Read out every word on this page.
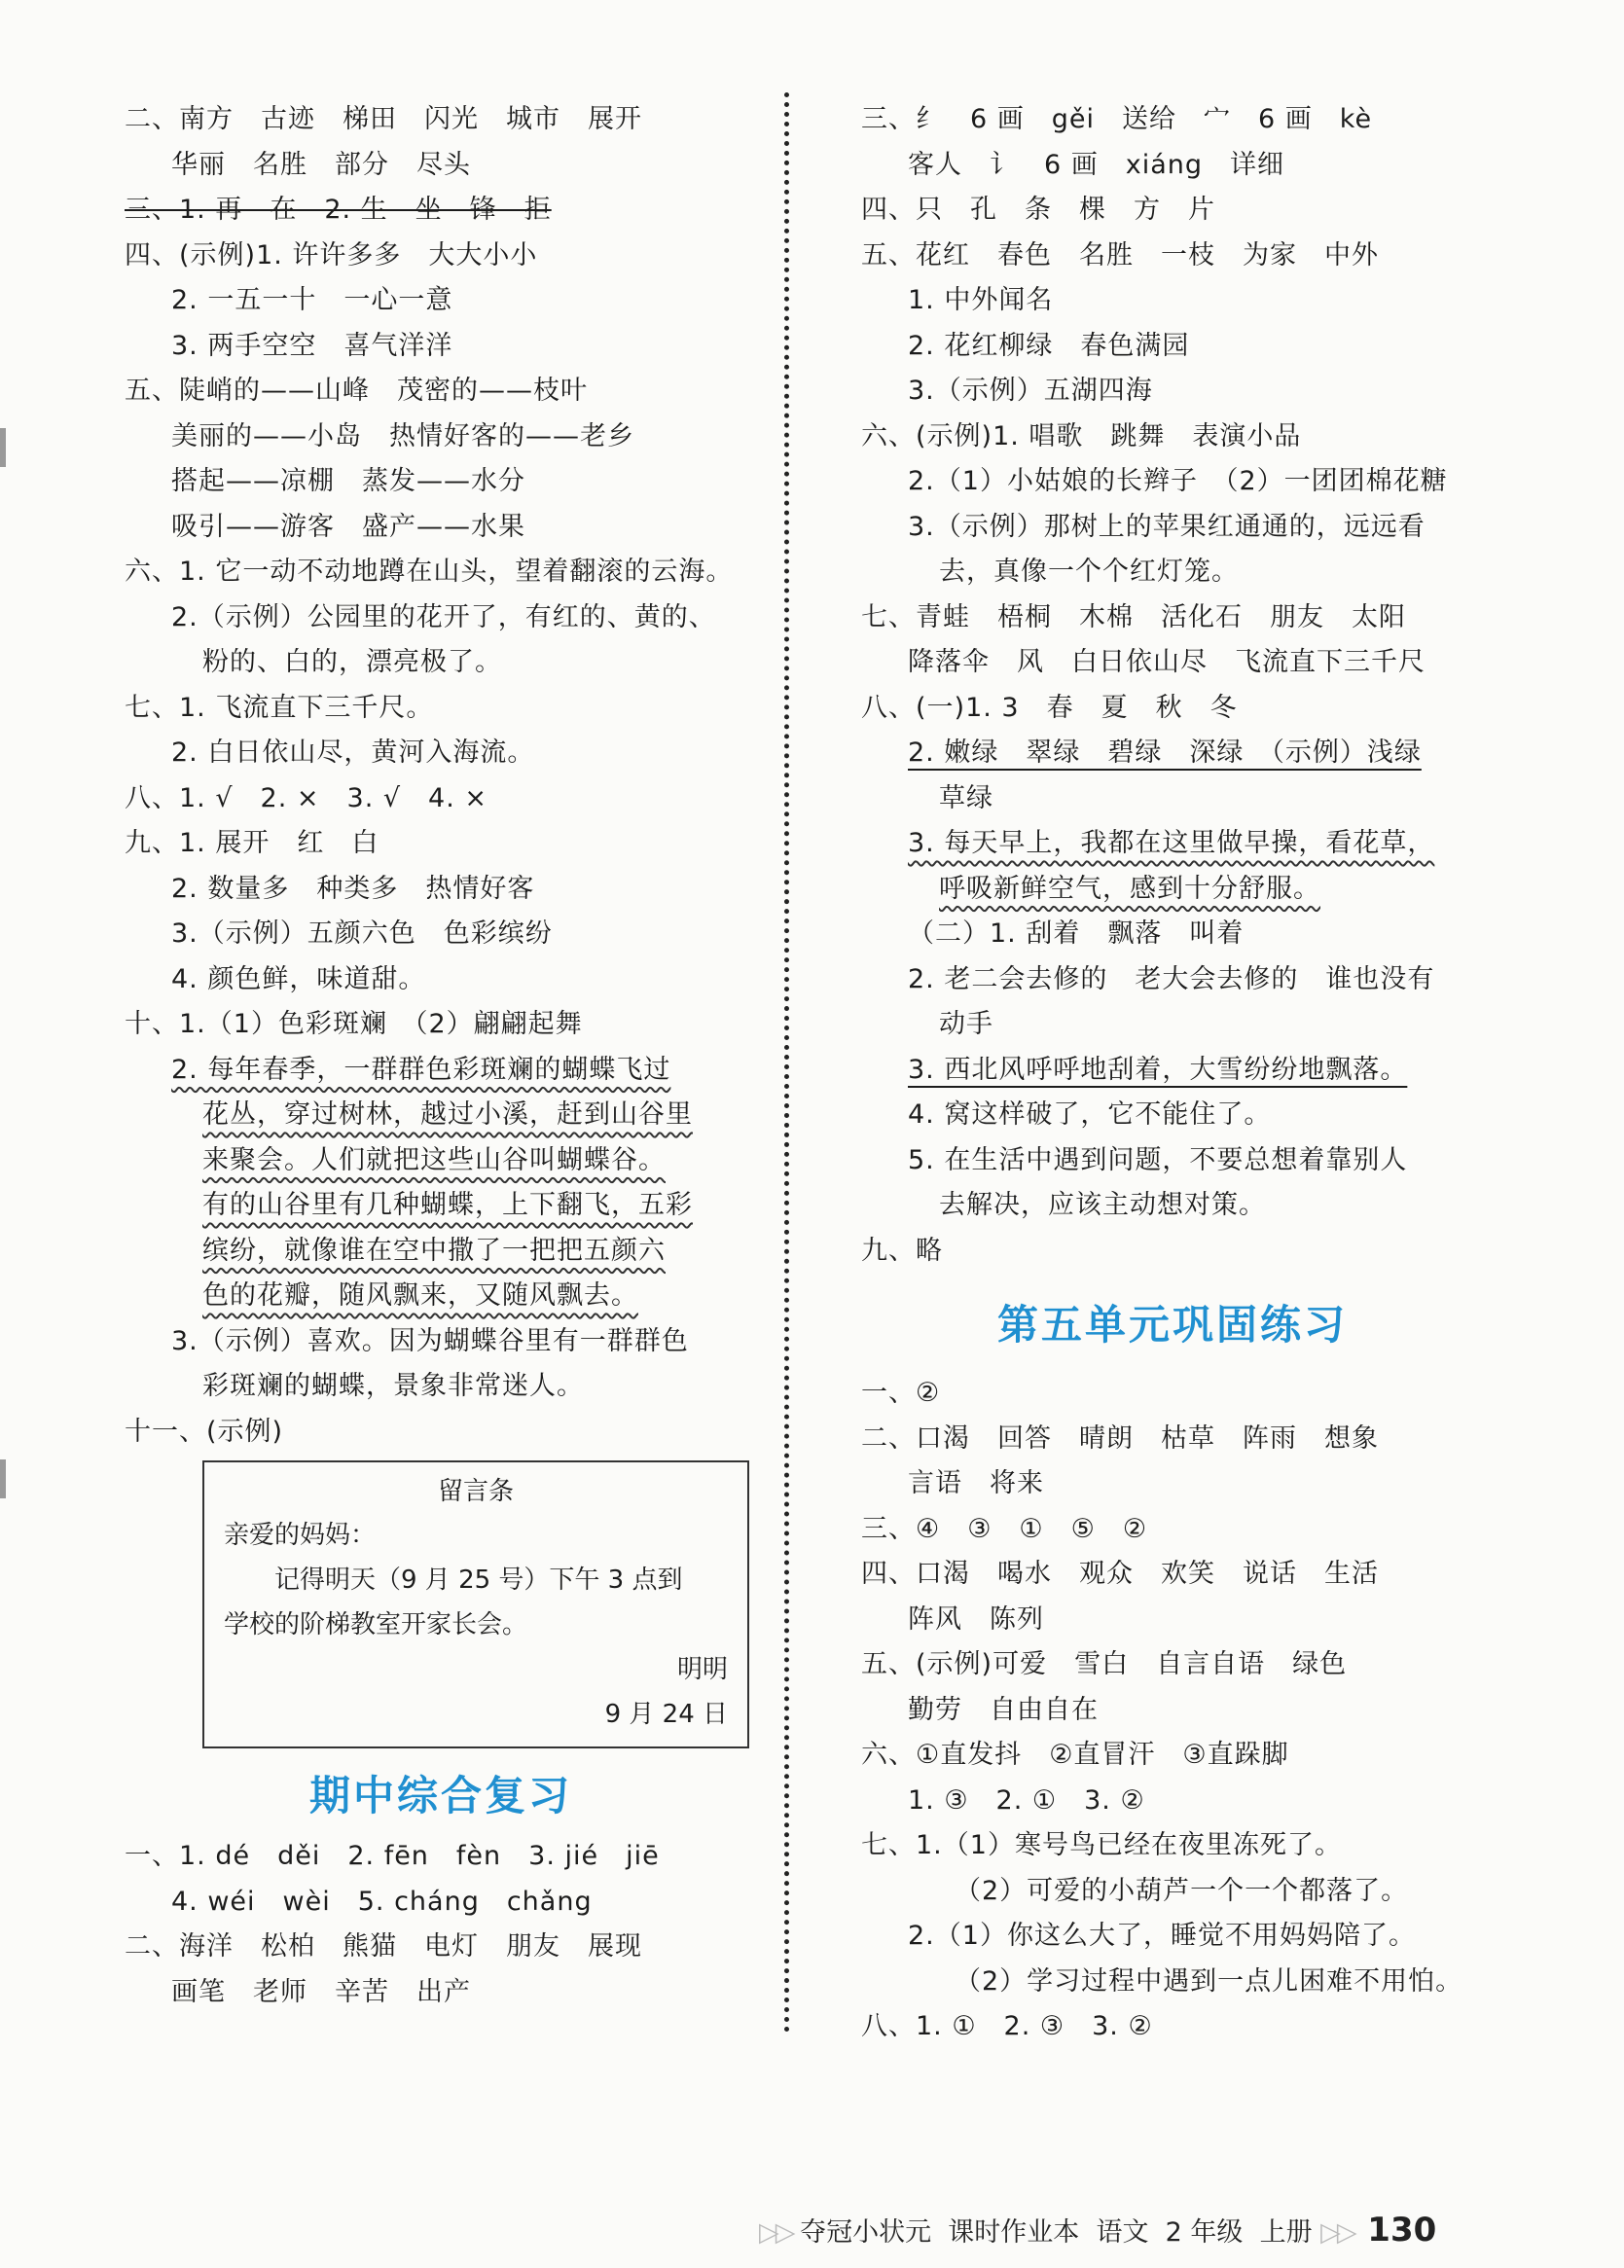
二、南方　古迹　梯田　闪光　城市　展开
华丽　名胜　部分　尽头
三、1. 再　在　2. 生　坐　锋　拒
四、(示例)1. 许许多多　大大小小
2. 一五一十　一心一意
3. 两手空空　喜气洋洋
五、陡峭的——山峰　茂密的——枝叶
美丽的——小岛　热情好客的——老乡
搭起——凉棚　蒸发——水分
吸引——游客　盛产——水果
六、1. 它一动不动地蹲在山头，望着翻滚的云海。
2.（示例）公园里的花开了，有红的、黄的、
粉的、白的，漂亮极了。
七、1. 飞流直下三千尺。
2. 白日依山尽，黄河入海流。
八、1. √　2. ×　3. √　4. ×
九、1. 展开　红　白
2. 数量多　种类多　热情好客
3.（示例）五颜六色　色彩缤纷
4. 颜色鲜，味道甜。
十、1.（1）色彩斑斓　（2）翩翩起舞
2. 每年春季，一群群色彩斑斓的蝴蝶飞过
花丛，穿过树林，越过小溪，赶到山谷里
来聚会。人们就把这些山谷叫蝴蝶谷。
有的山谷里有几种蝴蝶，上下翻飞，五彩
缤纷，就像谁在空中撒了一把把五颜六
色的花瓣，随风飘来，又随风飘去。
3.（示例）喜欢。因为蝴蝶谷里有一群群色
彩斑斓的蝴蝶，景象非常迷人。
十一、(示例)
留言条
亲爱的妈妈：
记得明天（9 月 25 号）下午 3 点到
学校的阶梯教室开家长会。
明明
9 月 24 日
期中综合复习
一、1. dé　děi　2. fēn　fèn　3. jié　jiē
4. wéi　wèi　5. cháng　chǎng
二、海洋　松柏　熊猫　电灯　朋友　展现
画笔　老师　辛苦　出产
三、纟　6 画　gěi　送给　宀　6 画　kè
客人　讠　6 画　xiáng　详细
四、只　孔　条　棵　方　片
五、花红　春色　名胜　一枝　为家　中外
1. 中外闻名
2. 花红柳绿　春色满园
3.（示例）五湖四海
六、(示例)1. 唱歌　跳舞　表演小品
2.（1）小姑娘的长辫子　（2）一团团棉花糖
3.（示例）那树上的苹果红通通的，远远看
去，真像一个个红灯笼。
七、青蛙　梧桐　木棉　活化石　朋友　太阳
降落伞　风　白日依山尽　飞流直下三千尺
八、(一)1. 3　春　夏　秋　冬
2. 嫩绿　翠绿　碧绿　深绿　（示例）浅绿
草绿
3. 每天早上，我都在这里做早操，看花草，
呼吸新鲜空气，感到十分舒服。
（二）1. 刮着　飘落　叫着
2. 老二会去修的　老大会去修的　谁也没有
动手
3. 西北风呼呼地刮着，大雪纷纷地飘落。
4. 窝这样破了，它不能住了。
5. 在生活中遇到问题，不要总想着靠别人
去解决，应该主动想对策。
九、略
第五单元巩固练习
一、②
二、口渴　回答　晴朗　枯草　阵雨　想象
言语　将来
三、④　③　①　⑤　②
四、口渴　喝水　观众　欢笑　说话　生活
阵风　陈列
五、(示例)可爱　雪白　自言自语　绿色
勤劳　自由自在
六、①直发抖　②直冒汗　③直跺脚
1. ③　2. ①　3. ②
七、1.（1）寒号鸟已经在夜里冻死了。
（2）可爱的小葫芦一个一个都落了。
2.（1）你这么大了，睡觉不用妈妈陪了。
（2）学习过程中遇到一点儿困难不用怕。
八、1. ①　2. ③　3. ②
▷▷ 夺冠小状元 课时作业本 语文 2 年级 上册 ▷▷ 130
